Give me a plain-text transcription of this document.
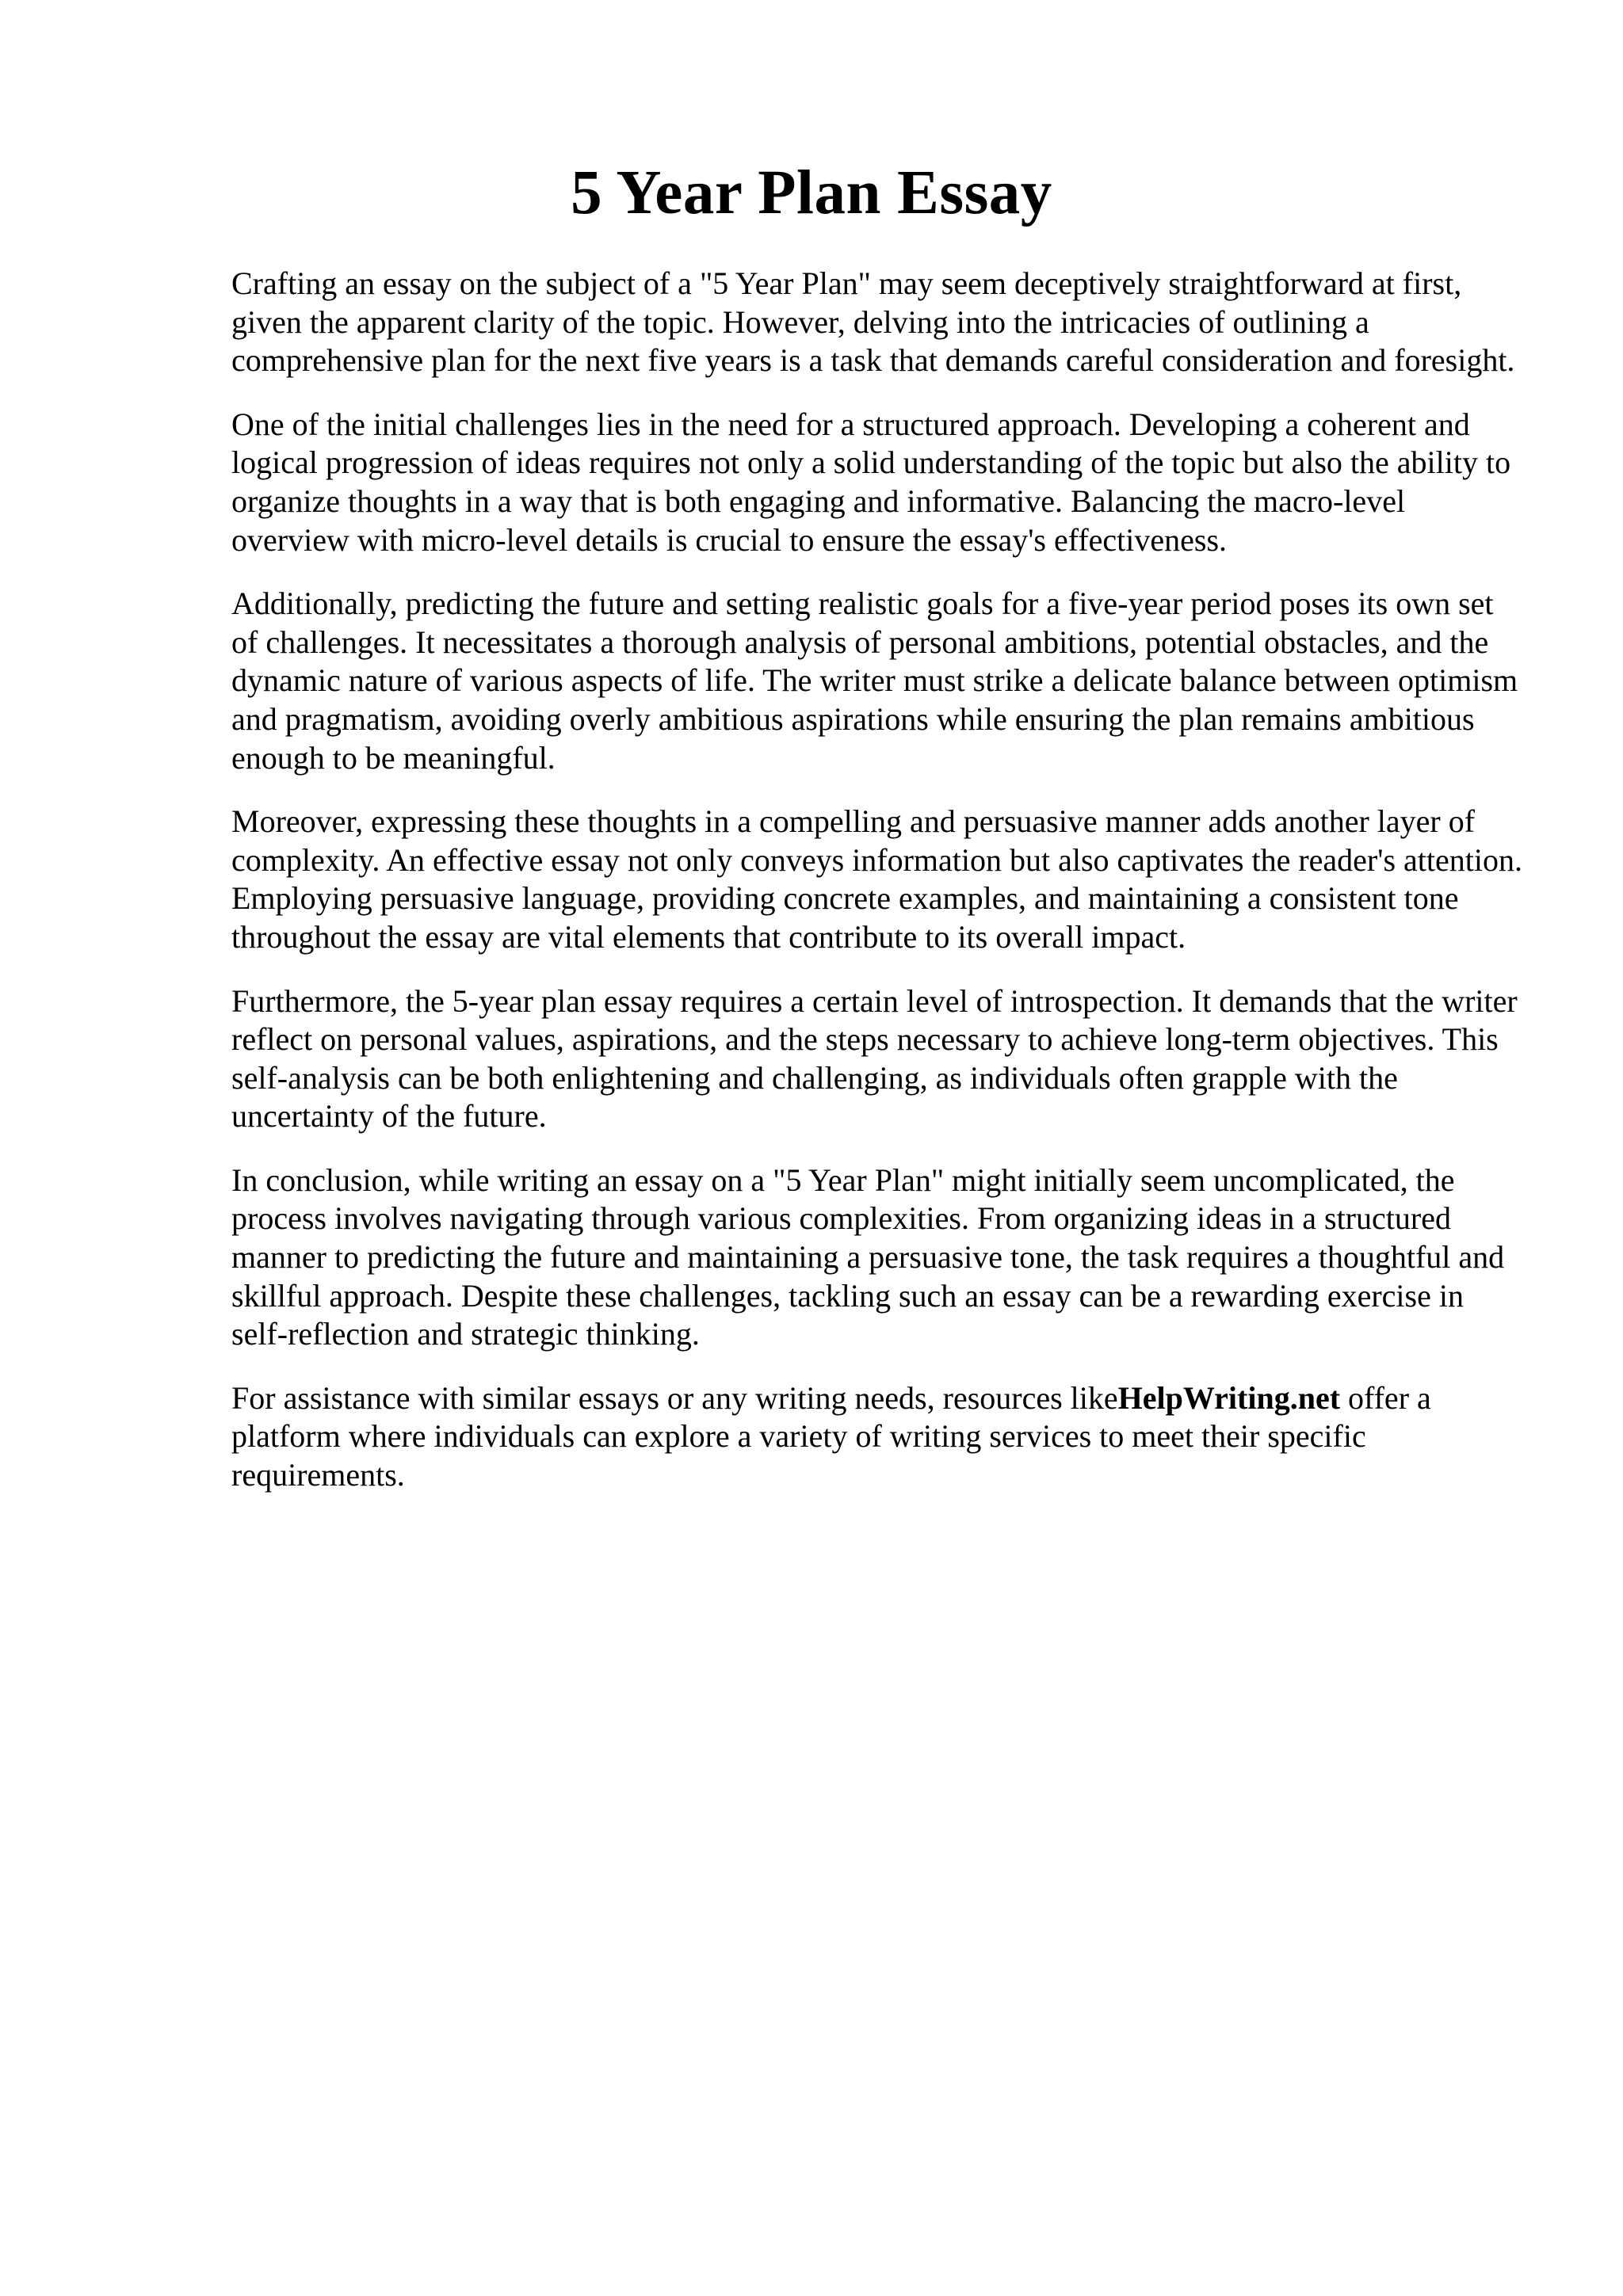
5 Year Plan Essay

Crafting an essay on the subject of a "5 Year Plan" may seem deceptively straightforward at first, given the apparent clarity of the topic. However, delving into the intricacies of outlining a comprehensive plan for the next five years is a task that demands careful consideration and foresight.

One of the initial challenges lies in the need for a structured approach. Developing a coherent and logical progression of ideas requires not only a solid understanding of the topic but also the ability to organize thoughts in a way that is both engaging and informative. Balancing the macro-level overview with micro-level details is crucial to ensure the essay's effectiveness.

Additionally, predicting the future and setting realistic goals for a five-year period poses its own set of challenges. It necessitates a thorough analysis of personal ambitions, potential obstacles, and the dynamic nature of various aspects of life. The writer must strike a delicate balance between optimism and pragmatism, avoiding overly ambitious aspirations while ensuring the plan remains ambitious enough to be meaningful.

Moreover, expressing these thoughts in a compelling and persuasive manner adds another layer of complexity. An effective essay not only conveys information but also captivates the reader's attention. Employing persuasive language, providing concrete examples, and maintaining a consistent tone throughout the essay are vital elements that contribute to its overall impact.

Furthermore, the 5-year plan essay requires a certain level of introspection. It demands that the writer reflect on personal values, aspirations, and the steps necessary to achieve long-term objectives. This self-analysis can be both enlightening and challenging, as individuals often grapple with the uncertainty of the future.

In conclusion, while writing an essay on a "5 Year Plan" might initially seem uncomplicated, the process involves navigating through various complexities. From organizing ideas in a structured manner to predicting the future and maintaining a persuasive tone, the task requires a thoughtful and skillful approach. Despite these challenges, tackling such an essay can be a rewarding exercise in self-reflection and strategic thinking.

For assistance with similar essays or any writing needs, resources likeHelpWriting.net offer a platform where individuals can explore a variety of writing services to meet their specific requirements.
